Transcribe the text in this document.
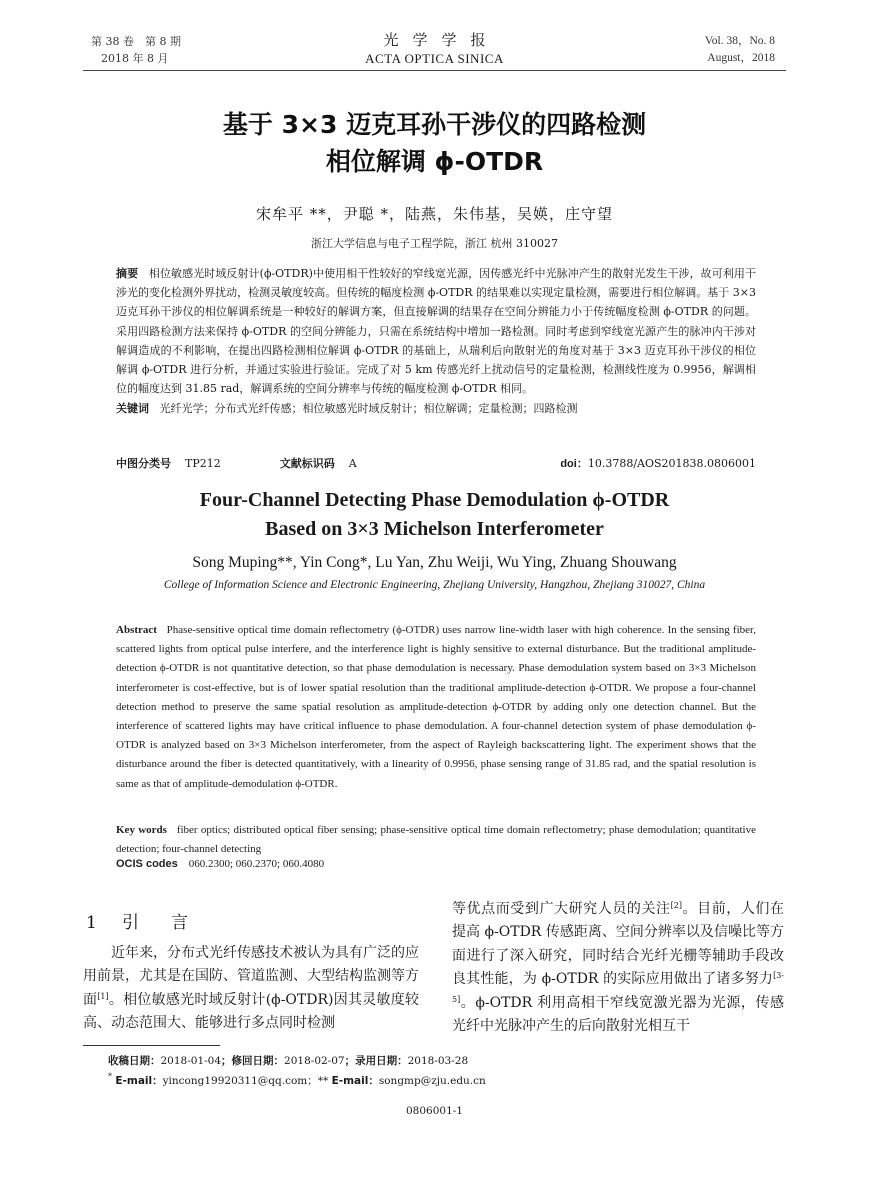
第 38 卷　第 8 期
2018 年 8 月
光学学报
ACTA OPTICA SINICA
Vol. 38，No. 8
August，2018
基于 3×3 迈克耳孙干涉仪的四路检测
相位解调 ϕ-OTDR
宋牟平 **，尹聪 *，陆燕，朱伟基，吴媖，庄守望
浙江大学信息与电子工程学院，浙江 杭州 310027
摘要 相位敏感光时域反射计(ϕ-OTDR)中使用相干性较好的窄线宽光源，因传感光纤中光脉冲产生的散射光发生干涉，故可利用干涉光的变化检测外界扰动，检测灵敏度较高。但传统的幅度检测 ϕ-OTDR 的结果难以实现定量检测，需要进行相位解调。基于 3×3 迈克耳孙干涉仪的相位解调系统是一种较好的解调方案，但直接解调的结果存在空间分辨能力小于传统幅度检测 ϕ-OTDR 的问题。采用四路检测方法来保持 ϕ-OTDR 的空间分辨能力，只需在系统结构中增加一路检测。同时考虑到窄线宽光源产生的脉冲内干涉对解调造成的不利影响，在提出四路检测相位解调 ϕ-OTDR 的基础上，从瑞利后向散射光的角度对基于 3×3 迈克耳孙干涉仪的相位解调 ϕ-OTDR 进行分析，并通过实验进行验证。完成了对 5 km 传感光纤上扰动信号的定量检测，检测线性度为 0.9956，解调相位的幅度达到 31.85 rad，解调系统的空间分辨率与传统的幅度检测 ϕ-OTDR 相同。
关键词 光纤光学；分布式光纤传感；相位敏感光时域反射计；相位解调；定量检测；四路检测
中图分类号 TP212	文献标识码 A	doi：10.3788/AOS201838.0806001
Four-Channel Detecting Phase Demodulation ϕ-OTDR
Based on 3×3 Michelson Interferometer
Song Muping**, Yin Cong*, Lu Yan, Zhu Weiji, Wu Ying, Zhuang Shouwang
College of Information Science and Electronic Engineering, Zhejiang University, Hangzhou, Zhejiang 310027, China
Abstract Phase-sensitive optical time domain reflectometry (ϕ-OTDR) uses narrow line-width laser with high coherence. In the sensing fiber, scattered lights from optical pulse interfere, and the interference light is highly sensitive to external disturbance. But the traditional amplitude-detection ϕ-OTDR is not quantitative detection, so that phase demodulation is necessary. Phase demodulation system based on 3×3 Michelson interferometer is cost-effective, but is of lower spatial resolution than the traditional amplitude-detection ϕ-OTDR. We propose a four-channel detection method to preserve the same spatial resolution as amplitude-detection ϕ-OTDR by adding only one detection channel. But the interference of scattered lights may have critical influence to phase demodulation. A four-channel detection system of phase demodulation ϕ-OTDR is analyzed based on 3×3 Michelson interferometer, from the aspect of Rayleigh backscattering light. The experiment shows that the disturbance around the fiber is detected quantitatively, with a linearity of 0.9956, phase sensing range of 31.85 rad, and the spatial resolution is same as that of amplitude-demodulation ϕ-OTDR.
Key words fiber optics; distributed optical fiber sensing; phase-sensitive optical time domain reflectometry; phase demodulation; quantitative detection; four-channel detecting
OCIS codes 060.2300; 060.2370; 060.4080
1 引言
近年来，分布式光纤传感技术被认为具有广泛的应用前景，尤其是在国防、管道监测、大型结构监测等方面[1]。相位敏感光时域反射计(ϕ-OTDR)因其灵敏度较高、动态范围大、能够进行多点同时检测
等优点而受到广大研究人员的关注[2]。目前，人们在提高 ϕ-OTDR 传感距离、空间分辨率以及信噪比等方面进行了深入研究，同时结合光纤光栅等辅助手段改良其性能，为 ϕ-OTDR 的实际应用做出了诸多努力[3-5]。ϕ-OTDR 利用高相干窄线宽激光器为光源，传感光纤中光脉冲产生的后向散射光相互干
收稿日期：2018-01-04；修回日期：2018-02-07；录用日期：2018-03-28
* E-mail：yincong19920311@qq.com；** E-mail：songmp@zju.edu.cn
0806001-1
